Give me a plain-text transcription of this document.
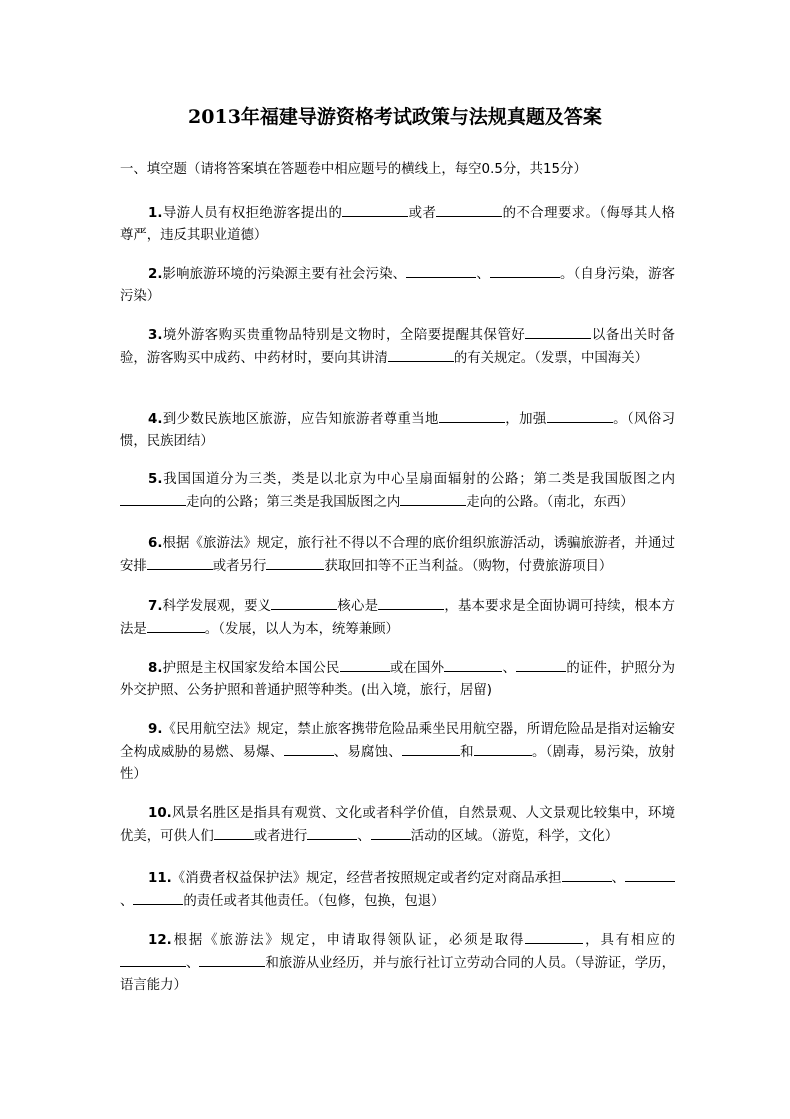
2013年福建导游资格考试政策与法规真题及答案
一、填空题（请将答案填在答题卷中相应题号的横线上，每空0.5分，共15分）
1.导游人员有权拒绝游客提出的	或者	的不合理要求。（侮辱其人格尊严，违反其职业道德）
2.影响旅游环境的污染源主要有社会污染、	、	。（自身污染，游客污染）
3.境外游客购买贵重物品特别是文物时，全陪要提醒其保管好	以备出关时备验，游客购买中成药、中药材时，要向其讲清	的有关规定。（发票，中国海关）
4.到少数民族地区旅游，应告知旅游者尊重当地	，加强	。（风俗习惯，民族团结）
5.我国国道分为三类，类是以北京为中心呈扇面辐射的公路；第二类是我国版图之内走向的公路；第三类是我国版图之内	走向的公路。（南北，东西）
6.根据《旅游法》规定，旅行社不得以不合理的底价组织旅游活动，诱骗旅游者，并通过安排	或者另行	获取回扣等不正当利益。（购物，付费旅游项目）
7.科学发展观，要义	核心是	，基本要求是全面协调可持续，根本方法是	。（发展，以人为本，统筹兼顾）
8.护照是主权国家发给本国公民	或在国外	、	的证件，护照分为外交护照、公务护照和普通护照等种类。(出入境，旅行，居留)
9.《民用航空法》规定，禁止旅客携带危险品乘坐民用航空器，所谓危险品是指对运输安全构成威胁的易燃、易爆、	、易腐蚀、	和	。（剧毒，易污染，放射性）
10.风景名胜区是指具有观赏、文化或者科学价值，自然景观、人文景观比较集中，环境优美，可供人们	或者进行	、	活动的区域。（游览，科学，文化）
11.《消费者权益保护法》规定，经营者按照规定或者约定对商品承担	、、	的责任或者其他责任。（包修，包换，包退）
12.根据《旅游法》规定，申请取得领队证，必须是取得	，具有相应的、	和旅游从业经历，并与旅行社订立劳动合同的人员。（导游证，学历，语言能力）
